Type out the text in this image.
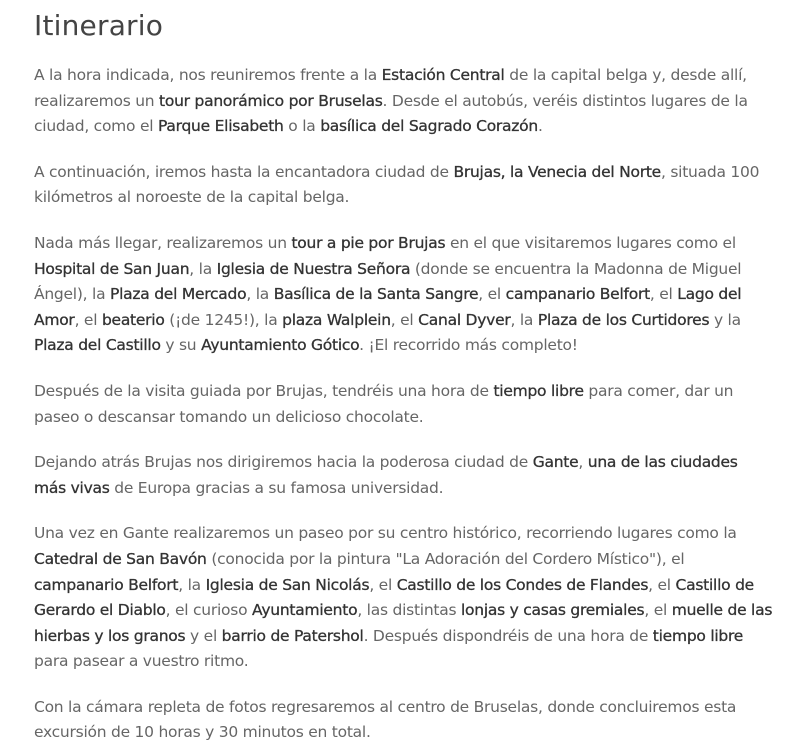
Itinerario

A la hora indicada, nos reuniremos frente a la Estación Central de la capital belga y, desde allí, realizaremos un tour panorámico por Bruselas. Desde el autobús, veréis distintos lugares de la ciudad, como el Parque Elisabeth o la basílica del Sagrado Corazón.

A continuación, iremos hasta la encantadora ciudad de Brujas, la Venecia del Norte, situada 100 kilómetros al noroeste de la capital belga.

Nada más llegar, realizaremos un tour a pie por Brujas en el que visitaremos lugares como el Hospital de San Juan, la Iglesia de Nuestra Señora (donde se encuentra la Madonna de Miguel Ángel), la Plaza del Mercado, la Basílica de la Santa Sangre, el campanario Belfort, el Lago del Amor, el beaterio (¡de 1245!), la plaza Walplein, el Canal Dyver, la Plaza de los Curtidores y la Plaza del Castillo y su Ayuntamiento Gótico. ¡El recorrido más completo!

Después de la visita guiada por Brujas, tendréis una hora de tiempo libre para comer, dar un paseo o descansar tomando un delicioso chocolate.

Dejando atrás Brujas nos dirigiremos hacia la poderosa ciudad de Gante, una de las ciudades más vivas de Europa gracias a su famosa universidad.

Una vez en Gante realizaremos un paseo por su centro histórico, recorriendo lugares como la Catedral de San Bavón (conocida por la pintura "La Adoración del Cordero Místico"), el campanario Belfort, la Iglesia de San Nicolás, el Castillo de los Condes de Flandes, el Castillo de Gerardo el Diablo, el curioso Ayuntamiento, las distintas lonjas y casas gremiales, el muelle de las hierbas y los granos y el barrio de Patershol. Después dispondréis de una hora de tiempo libre para pasear a vuestro ritmo.

Con la cámara repleta de fotos regresaremos al centro de Bruselas, donde concluiremos esta excursión de 10 horas y 30 minutos en total.
